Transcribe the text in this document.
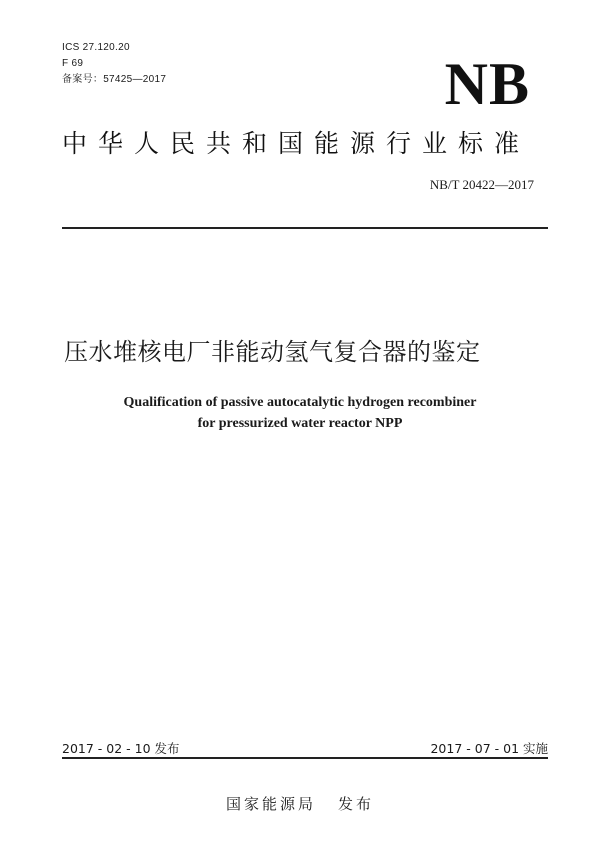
ICS 27.120.20
F 69
备案号：57425—2017	NB
中华人民共和国能源行业标准
NB/T 20422—2017
压水堆核电厂非能动氢气复合器的鉴定
Qualification of passive autocatalytic hydrogen recombiner
for pressurized water reactor NPP
2017 - 02 - 10 发布	2017 - 07 - 01 实施
国家能源局 发布
